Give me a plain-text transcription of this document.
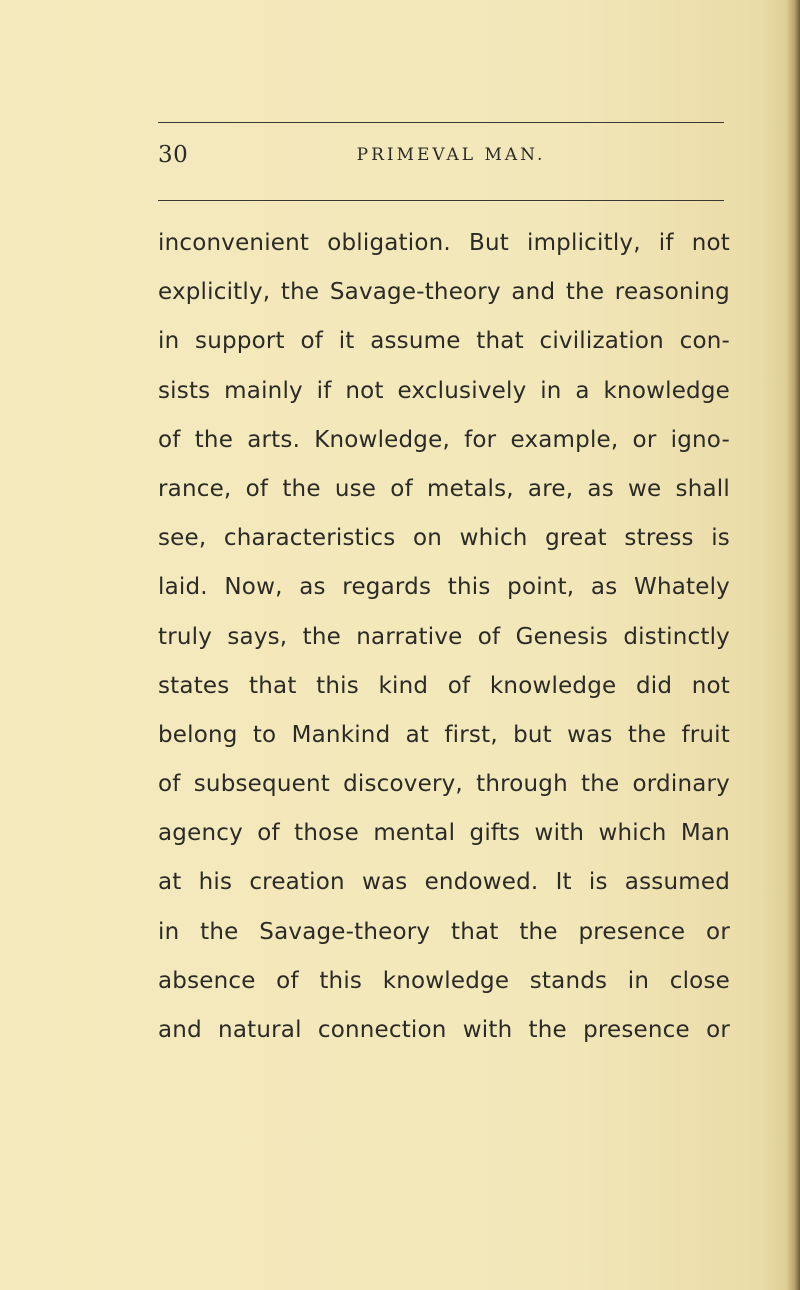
30	PRIMEVAL MAN.
inconvenient obligation. But implicitly, if not
explicitly, the Savage-theory and the reasoning
in support of it assume that civilization con-
sists mainly if not exclusively in a knowledge
of the arts. Knowledge, for example, or igno-
rance, of the use of metals, are, as we shall
see, characteristics on which great stress is
laid. Now, as regards this point, as Whately
truly says, the narrative of Genesis distinctly
states that this kind of knowledge did not
belong to Mankind at first, but was the fruit
of subsequent discovery, through the ordinary
agency of those mental gifts with which Man
at his creation was endowed. It is assumed
in the Savage-theory that the presence or
absence of this knowledge stands in close
and natural connection with the presence or
